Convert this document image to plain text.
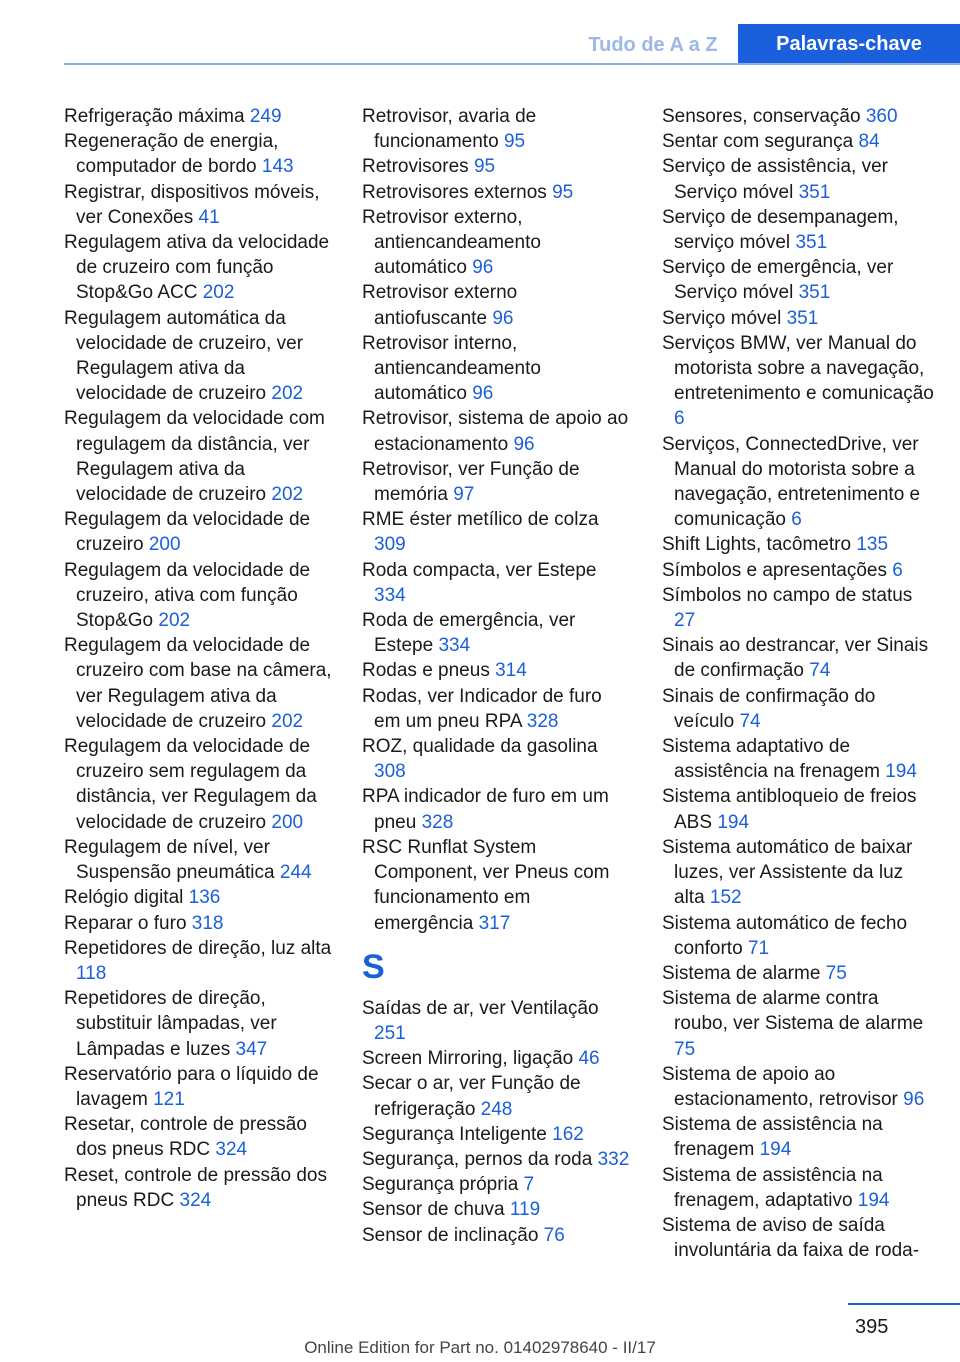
Tudo de A a Z	Palavras-chave
Refrigeração máxima 249
Regeneração de energia, computador de bordo 143
Registrar, dispositivos móveis, ver Conexões 41
Regulagem ativa da velocidade de cruzeiro com função Stop&Go ACC 202
Regulagem automática da velocidade de cruzeiro, ver Regulagem ativa da velocidade de cruzeiro 202
Regulagem da velocidade com regulagem da distância, ver Regulagem ativa da velocidade de cruzeiro 202
Regulagem da velocidade de cruzeiro 200
Regulagem da velocidade de cruzeiro, ativa com função Stop&Go 202
Regulagem da velocidade de cruzeiro com base na câmera, ver Regulagem ativa da velocidade de cruzeiro 202
Regulagem da velocidade de cruzeiro sem regulagem da distância, ver Regulagem da velocidade de cruzeiro 200
Regulagem de nível, ver Suspensão pneumática 244
Relógio digital 136
Reparar o furo 318
Repetidores de direção, luz alta 118
Repetidores de direção, substituir lâmpadas, ver Lâmpadas e luzes 347
Reservatório para o líquido de lavagem 121
Resetar, controle de pressão dos pneus RDC 324
Reset, controle de pressão dos pneus RDC 324
Retrovisor, avaria de funcionamento 95
Retrovisores 95
Retrovisores externos 95
Retrovisor externo, antiencandeamento automático 96
Retrovisor externo antiofuscante 96
Retrovisor interno, antiencandeamento automático 96
Retrovisor, sistema de apoio ao estacionamento 96
Retrovisor, ver Função de memória 97
RME éster metílico de colza 309
Roda compacta, ver Estepe 334
Roda de emergência, ver Estepe 334
Rodas e pneus 314
Rodas, ver Indicador de furo em um pneu RPA 328
ROZ, qualidade da gasolina 308
RPA indicador de furo em um pneu 328
RSC Runflat System Component, ver Pneus com funcionamento em emergência 317
S
Saídas de ar, ver Ventilação 251
Screen Mirroring, ligação 46
Secar o ar, ver Função de refrigeração 248
Segurança Inteligente 162
Segurança, pernos da roda 332
Segurança própria 7
Sensor de chuva 119
Sensor de inclinação 76
Sensores, conservação 360
Sentar com segurança 84
Serviço de assistência, ver Serviço móvel 351
Serviço de desempanagem, serviço móvel 351
Serviço de emergência, ver Serviço móvel 351
Serviço móvel 351
Serviços BMW, ver Manual do motorista sobre a navegação, entretenimento e comunicação 6
Serviços, ConnectedDrive, ver Manual do motorista sobre a navegação, entretenimento e comunicação 6
Shift Lights, tacômetro 135
Símbolos e apresentações 6
Símbolos no campo de status 27
Sinais ao destrancar, ver Sinais de confirmação 74
Sinais de confirmação do veículo 74
Sistema adaptativo de assistência na frenagem 194
Sistema antibloqueio de freios ABS 194
Sistema automático de baixar luzes, ver Assistente da luz alta 152
Sistema automático de fecho conforto 71
Sistema de alarme 75
Sistema de alarme contra roubo, ver Sistema de alarme 75
Sistema de apoio ao estacionamento, retrovisor 96
Sistema de assistência na frenagem 194
Sistema de assistência na frenagem, adaptativo 194
Sistema de aviso de saída involuntária da faixa de roda-
395
Online Edition for Part no. 01402978640 - II/17
